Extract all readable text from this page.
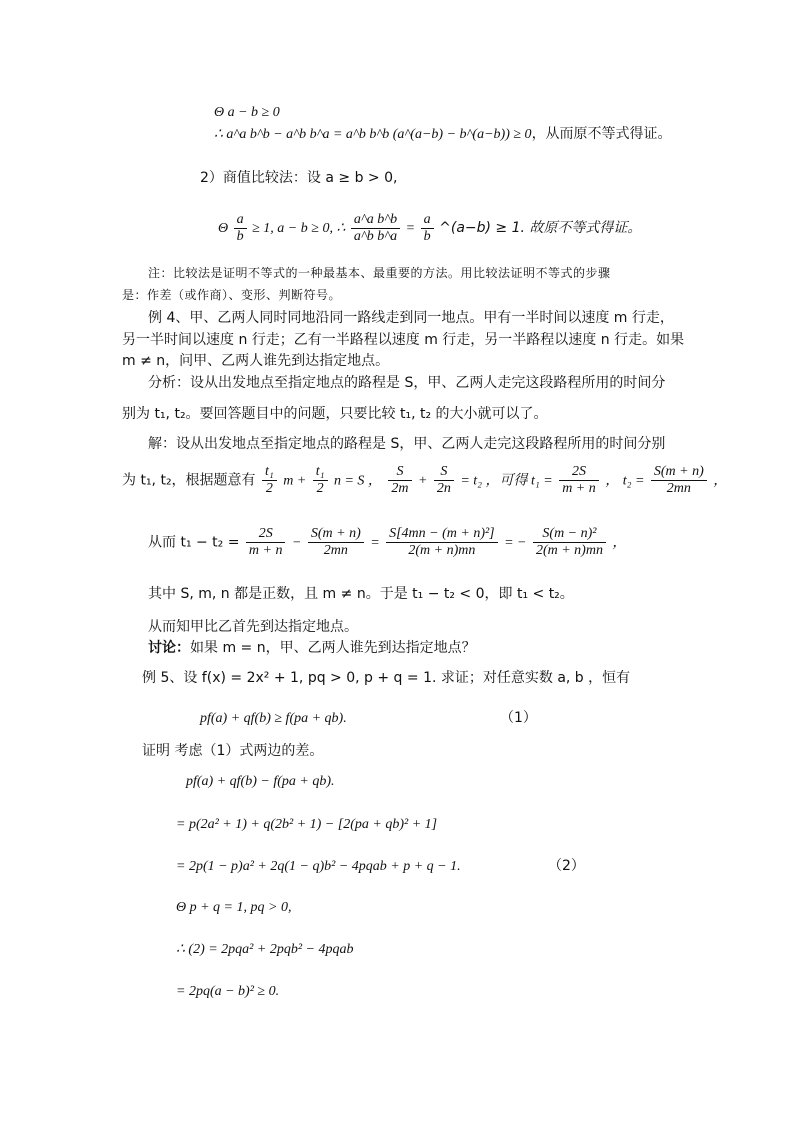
Θ a − b ≥ 0
∴ a^a b^b − a^b b^a = a^b b^b (a^(a−b) − b^(a−b)) ≥ 0，从而原不等式得证。
2）商值比较法：设 a ≥ b > 0,
Θ $\frac{a}{b} \ge 1$, a − b ≥ 0, ∴ $\frac{\text{a\textasciicircum{}a b\textasciicircum{}b}}{\text{a\textasciicircum{}b b\textasciicircum{}a}} = \frac{a}{b}$ ^(a−b) ≥ 1. 故原不等式得证。
注：比较法是证明不等式的一种最基本、最重要的方法。用比较法证明不等式的步骤
是：作差（或作商）、变形、判断符号。
例 4、甲、乙两人同时同地沿同一路线走到同一地点。甲有一半时间以速度 m 行走，
另一半时间以速度 n 行走；乙有一半路程以速度 m 行走，另一半路程以速度 n 行走。如果
m ≠ n，问甲、乙两人谁先到达指定地点。
分析：设从出发地点至指定地点的路程是 S，甲、乙两人走完这段路程所用的时间分
别为 t₁, t₂。要回答题目中的问题，只要比较 t₁, t₂ 的大小就可以了。
解：设从出发地点至指定地点的路程是 S，甲、乙两人走完这段路程所用的时间分别
为 t₁, t₂，根据题意有 $\frac{\text{t₁}}{2}$ $m + \frac{\text{t₁}}{2}$ n = S ， $\frac{S}{2m} + \frac{S}{2n} = t_2$ ，可得 $t_1 = \frac{2S}{m + n}$ ， $t_2 = \frac{S(m + n)}{2mn}$ ，
从而 $t_1 - t_2 = \frac{2S}{m + n} - \frac{S(m + n)}{2mn} = \frac{\text{S[4mn − (m + n)²]}}{2(m + n)mn}$ = − $\frac{\text{S(m − n)²}}{2(m + n)mn}$ ，
其中 S, m, n 都是正数，且 m ≠ n。于是 t₁ − t₂ < 0，即 t₁ < t₂。
从而知甲比乙首先到达指定地点。
讨论：如果 m = n，甲、乙两人谁先到达指定地点？
例 5、设 f(x) = 2x² + 1, pq > 0, p + q = 1. 求证；对任意实数 a, b ，恒有
pf(a) + qf(b) ≥ f(pa + qb).	（1）
证明 考虑（1）式两边的差。
pf(a) + qf(b) − f(pa + qb).
= p(2a² + 1) + q(2b² + 1) − [2(pa + qb)² + 1]
= 2p(1 − p)a² + 2q(1 − q)b² − 4pqab + p + q − 1.	（2）
Θ p + q = 1, pq > 0,
∴ (2) = 2pqa² + 2pqb² − 4pqab
= 2pq(a − b)² ≥ 0.
